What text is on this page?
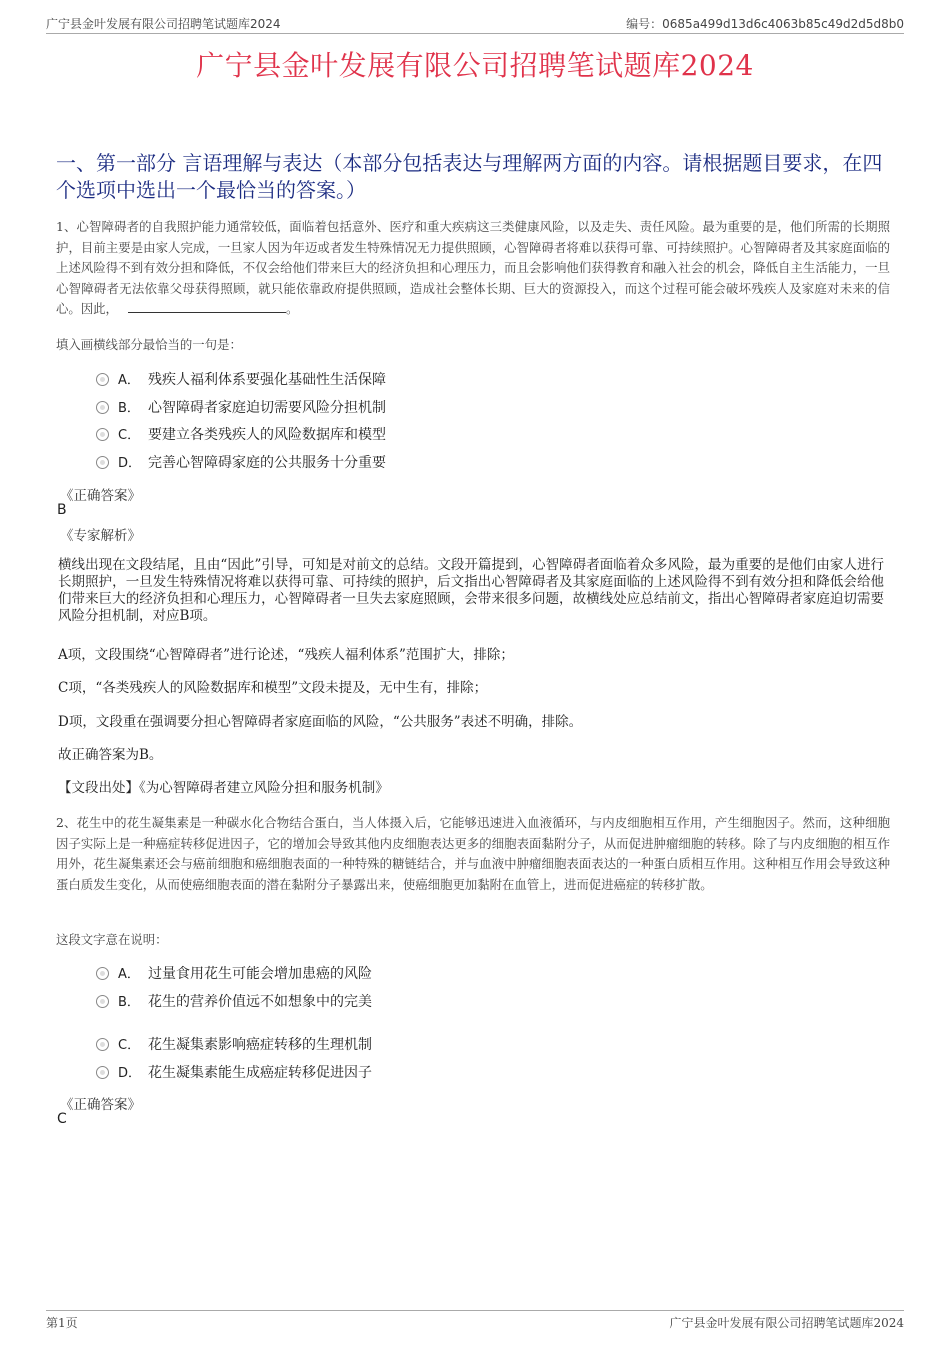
广宁县金叶发展有限公司招聘笔试题库2024	编号：0685a499d13d6c4063b85c49d2d5d8b0
广宁县金叶发展有限公司招聘笔试题库2024
一、第一部分 言语理解与表达（本部分包括表达与理解两方面的内容。请根据题目要求，在四个选项中选出一个最恰当的答案。）
1、心智障碍者的自我照护能力通常较低，面临着包括意外、医疗和重大疾病这三类健康风险，以及走失、责任风险。最为重要的是，他们所需的长期照护，目前主要是由家人完成，一旦家人因为年迈或者发生特殊情况无力提供照顾，心智障碍者将难以获得可靠、可持续照护。心智障碍者及其家庭面临的上述风险得不到有效分担和降低，不仅会给他们带来巨大的经济负担和心理压力，而且会影响他们获得教育和融入社会的机会，降低自主生活能力，一旦心智障碍者无法依靠父母获得照顾，就只能依靠政府提供照顾，造成社会整体长期、巨大的资源投入，而这个过程可能会破坏残疾人及家庭对未来的信心。因此，	。
填入画横线部分最恰当的一句是：
A． 残疾人福利体系要强化基础性生活保障
B． 心智障碍者家庭迫切需要风险分担机制
C． 要建立各类残疾人的风险数据库和模型
D． 完善心智障碍家庭的公共服务十分重要
《正确答案》
B
《专家解析》
横线出现在文段结尾，且由“因此”引导，可知是对前文的总结。文段开篇提到，心智障碍者面临着众多风险，最为重要的是他们由家人进行长期照护，一旦发生特殊情况将难以获得可靠、可持续的照护，后文指出心智障碍者及其家庭面临的上述风险得不到有效分担和降低会给他们带来巨大的经济负担和心理压力，心智障碍者一旦失去家庭照顾，会带来很多问题，故横线处应总结前文，指出心智障碍者家庭迫切需要风险分担机制，对应B项。
A项，文段围绕“心智障碍者”进行论述，“残疾人福利体系”范围扩大，排除；
C项，“各类残疾人的风险数据库和模型”文段未提及，无中生有，排除；
D项，文段重在强调要分担心智障碍者家庭面临的风险，“公共服务”表述不明确，排除。
故正确答案为B。
【文段出处】《为心智障碍者建立风险分担和服务机制》
2、花生中的花生凝集素是一种碳水化合物结合蛋白，当人体摄入后，它能够迅速进入血液循环，与内皮细胞相互作用，产生细胞因子。然而，这种细胞因子实际上是一种癌症转移促进因子，它的增加会导致其他内皮细胞表达更多的细胞表面黏附分子，从而促进肿瘤细胞的转移。除了与内皮细胞的相互作用外，花生凝集素还会与癌前细胞和癌细胞表面的一种特殊的糖链结合，并与血液中肿瘤细胞表面表达的一种蛋白质相互作用。这种相互作用会导致这种蛋白质发生变化，从而使癌细胞表面的潜在黏附分子暴露出来，使癌细胞更加黏附在血管上，进而促进癌症的转移扩散。
这段文字意在说明：
A． 过量食用花生可能会增加患癌的风险
B． 花生的营养价值远不如想象中的完美
C． 花生凝集素影响癌症转移的生理机制
D． 花生凝集素能生成癌症转移促进因子
《正确答案》
C
第1页	广宁县金叶发展有限公司招聘笔试题库2024
